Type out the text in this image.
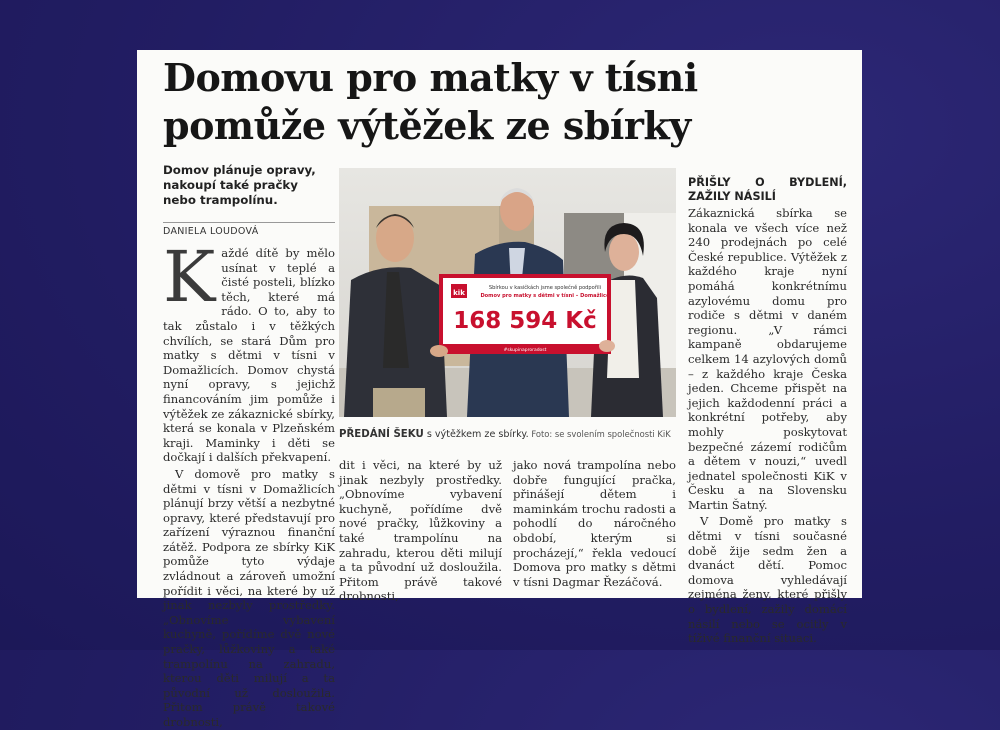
Domovu pro matky v tísni
pomůže výtěžek ze sbírky
Domov plánuje opravy, nakoupí také pračky nebo trampolínu.
DANIELA LOUDOVÁ

Každé dítě by mělo usínat v teplé a čisté posteli, blízko těch, které má rádo. O to, aby to tak zůstalo i v těžkých chvílích, se stará Dům pro matky s dětmi v tísni v Domažlicích. Domov chystá nyní opravy, s jejichž financováním jim pomůže i výtěžek ze zákaznické sbírky, která se konala v Plzeňském kraji. Maminky i děti se dočkají i dalších překvapení.

V domově pro matky s dětmi v tísni v Domažlicích plánují brzy větší a nezbytné opravy, které představují pro zařízení výraznou finanční zátěž. Podpora ze sbírky KiK pomůže tyto výdaje zvládnout a zároveň umožní pořídit i věci, na které by už jinak nezbyly prostředky. „Obnovíme vybavení kuchyně, pořídíme dvě nové pračky, lůžkoviny a také trampolínu na zahradu, kterou děti milují a ta původní už dosloužila. Přitom právě takové drobnosti,

kik
Sbírkou v kasičkách jsme společně podpořili
Domov pro matky s dětmi v tísni – Domažlice
168 594 Kč
#skupinaproradost
PŘEDÁNÍ ŠEKU s výtěžkem ze sbírky. Foto: se svolením společnosti KiK

dit i věci, na které by už jinak nezbyly prostředky. „Obnovíme vybavení kuchyně, pořídíme dvě nové pračky, lůžkoviny a také trampolínu na zahradu, kterou děti milují a ta původní už dosloužila. Přitom právě takové drobnosti,

jako nová trampolína nebo dobře fungující pračka, přinášejí dětem i maminkám trochu radosti a pohodlí do náročného období, kterým si procházejí,“ řekla vedoucí Domova pro matky s dětmi v tísni Dagmar Řezáčová.

PŘIŠLY O BYDLENÍ, ZAŽILY NÁSILÍ

Zákaznická sbírka se konala ve všech více než 240 prodejnách po celé České republice. Výtěžek z každého kraje nyní pomáhá konkrétnímu azylovému domu pro rodiče s dětmi v daném regionu. „V rámci kampaně obdarujeme celkem 14 azylových domů – z každého kraje Česka jeden. Chceme přispět na jejich každodenní práci a konkrétní potřeby, aby mohly poskytovat bezpečné zázemí rodičům a dětem v nouzi,“ uvedl jednatel společnosti KiK v Česku a na Slovensku Martin Šatný.

V Domě pro matky s dětmi v tísni současné době žije sedm žen a dvanáct dětí. Pomoc domova vyhledávají zejména ženy, které přišly o bydlení, zažily domácí násilí nebo se ocitly v tíživé finanční situaci.
